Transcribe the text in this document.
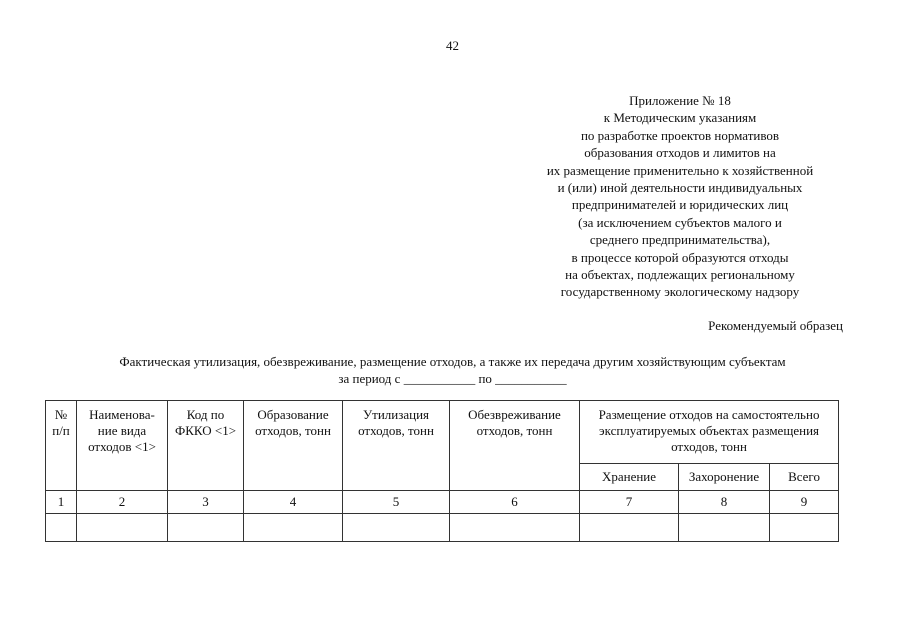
42
Приложение № 18
к Методическим указаниям
по разработке проектов нормативов
образования отходов и лимитов на
их размещение применительно к хозяйственной
и (или) иной деятельности индивидуальных
предпринимателей и юридических лиц
(за исключением субъектов малого и
среднего предпринимательства),
в процессе которой образуются отходы
на объектах, подлежащих региональному
государственному экологическому надзору
Рекомендуемый образец
Фактическая утилизация, обезвреживание, размещение отходов, а также их передача другим хозяйствующим субъектам
за период с ___________ по ___________
№ п/п	Наименова-ние вида отходов <1>	Код по ФККО <1>	Образование отходов, тонн	Утилизация отходов, тонн	Обезвреживание отходов, тонн	Размещение отходов на самостоятельно эксплуатируемых объектах размещения отходов, тонн		
						Хранение	Захоронение	Всего
1	2	3	4	5	6	7	8	9
